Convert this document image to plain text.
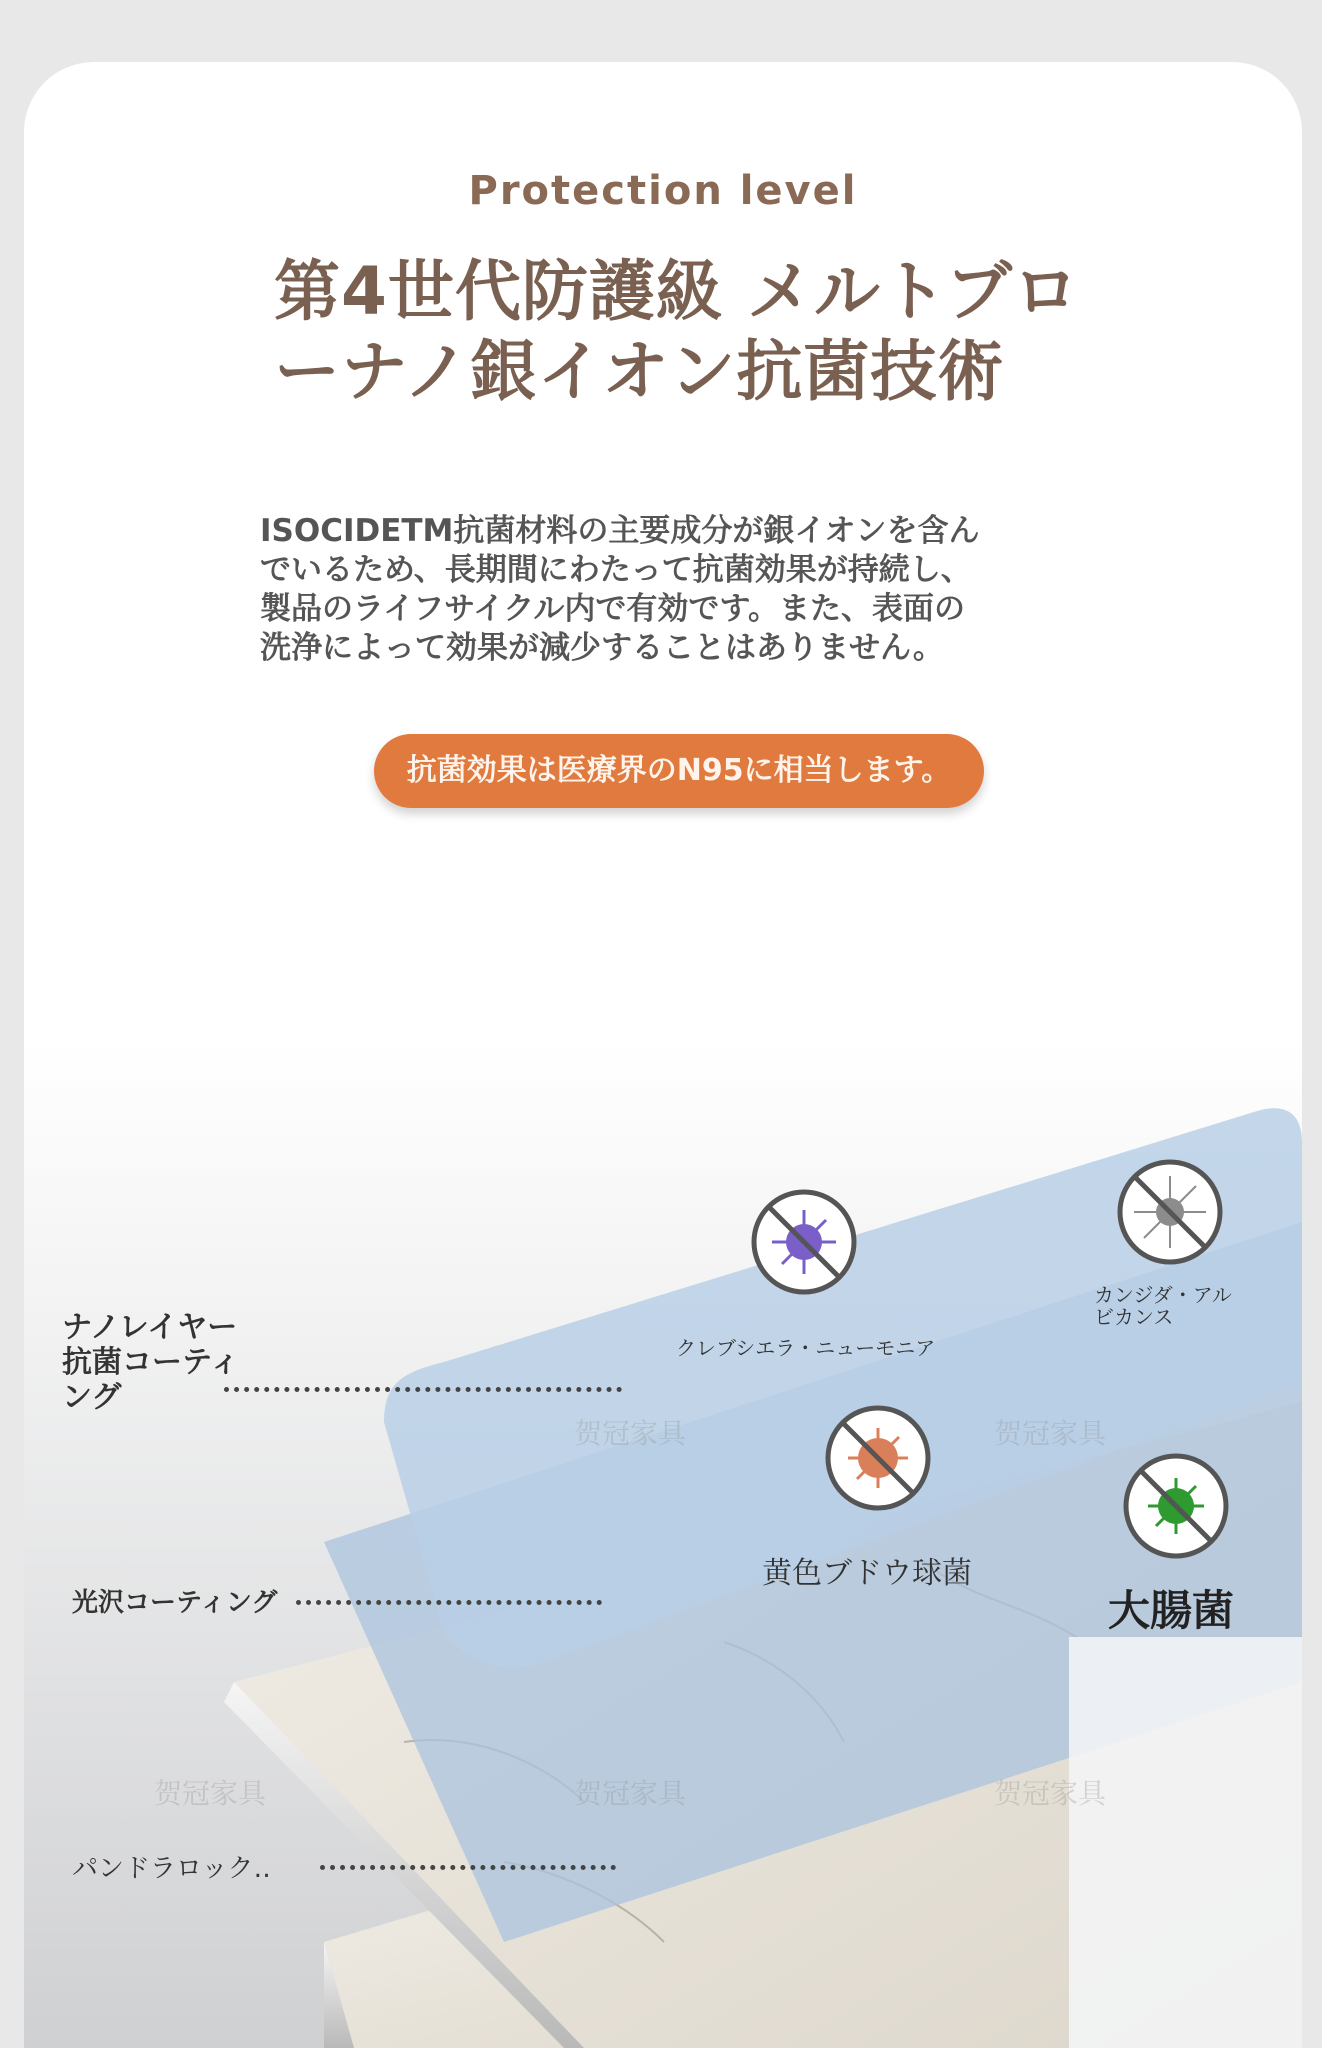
Protection level
第4世代防護級 メルトブロ
ーナノ銀イオン抗菌技術
ISOCIDETM抗菌材料の主要成分が銀イオンを含ん
でいるため、長期間にわたって抗菌効果が持続し、
製品のライフサイクル内で有効です。また、表面の
洗浄によって効果が減少することはありません。
抗菌効果は医療界のN95に相当します。
贺冠家具	贺冠家具
贺冠家具	贺冠家具	贺冠家具
ナノレイヤー
抗菌コーティ
ング
光沢コーティング
パンドラロック‥
クレブシエラ・ニューモニア
カンジダ・アル
ビカンス
黄色ブドウ球菌
大腸菌
